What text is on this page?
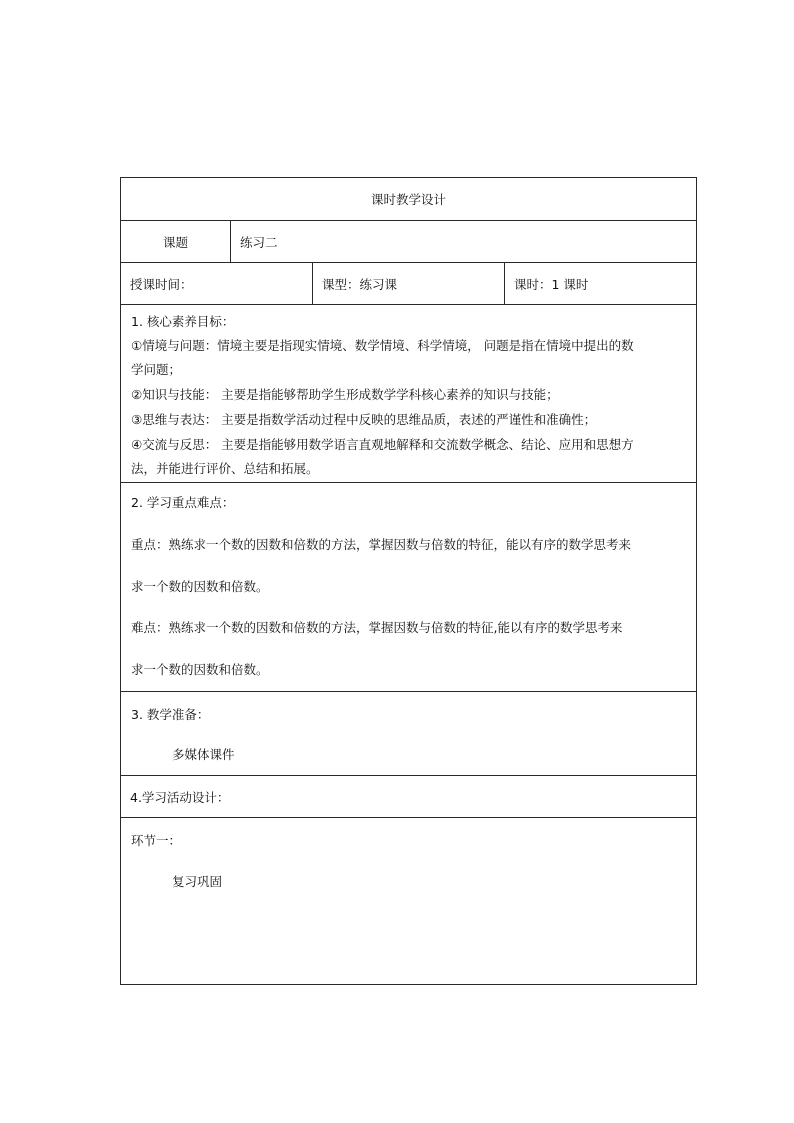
课时教学设计
课题	练习二
授课时间：	课型：练习课	课时：1 课时
1. 核心素养目标：
①情境与问题：情境主要是指现实情境、数学情境、科学情境， 问题是指在情境中提出的数
学问题；
②知识与技能： 主要是指能够帮助学生形成数学学科核心素养的知识与技能；
③思维与表达： 主要是指数学活动过程中反映的思维品质，表述的严谨性和准确性；
④交流与反思： 主要是指能够用数学语言直观地解释和交流数学概念、结论、应用和思想方
法，并能进行评价、总结和拓展。
2. 学习重点难点：
重点：熟练求一个数的因数和倍数的方法，掌握因数与倍数的特征，能以有序的数学思考来
求一个数的因数和倍数。
难点：熟练求一个数的因数和倍数的方法，掌握因数与倍数的特征,能以有序的数学思考来
求一个数的因数和倍数。
3. 教学准备：
多媒体课件
4.学习活动设计：
环节一：
复习巩固
